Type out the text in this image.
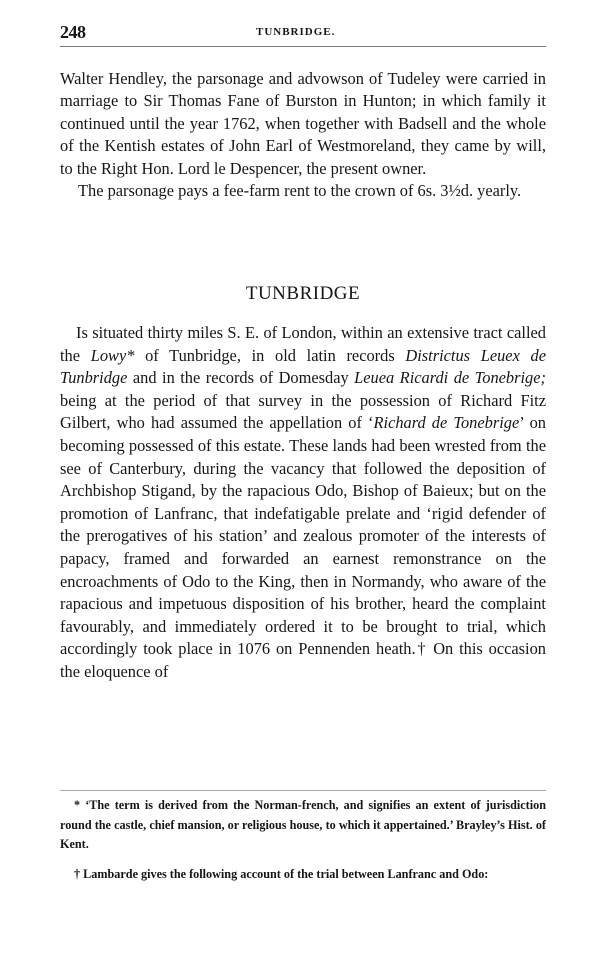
248	TUNBRIDGE.

Walter Hendley, the parsonage and advowson of Tudeley were carried in marriage to Sir Thomas Fane of Burston in Hunton; in which family it continued until the year 1762, when together with Badsell and the whole of the Kentish estates of John Earl of Westmoreland, they came by will, to the Right Hon. Lord le Despencer, the present owner.

The parsonage pays a fee-farm rent to the crown of 6s. 3½d. yearly.

TUNBRIDGE

Is situated thirty miles S. E. of London, within an extensive tract called the Lowy* of Tunbridge, in old latin records Districtus Leuex de Tunbridge and in the records of Domesday Leuea Ricardi de Tonebrige; being at the period of that survey in the possession of Richard Fitz Gilbert, who had assumed the appellation of ‘Richard de Tonebrige’ on becoming possessed of this estate. These lands had been wrested from the see of Canterbury, during the vacancy that followed the deposition of Archbishop Stigand, by the rapacious Odo, Bishop of Baieux; but on the promotion of Lanfranc, that indefatigable prelate and ‘rigid defender of the prerogatives of his station’ and zealous promoter of the interests of papacy, framed and forwarded an earnest remonstrance on the encroachments of Odo to the King, then in Normandy, who aware of the rapacious and impetuous disposition of his brother, heard the complaint favourably, and immediately ordered it to be brought to trial, which accordingly took place in 1076 on Pennenden heath.† On this occasion the eloquence of

* ‘The term is derived from the Norman-french, and signifies an extent of jurisdiction round the castle, chief mansion, or religious house, to which it appertained.’ Brayley’s Hist. of Kent.

† Lambarde gives the following account of the trial between Lanfranc and Odo:
